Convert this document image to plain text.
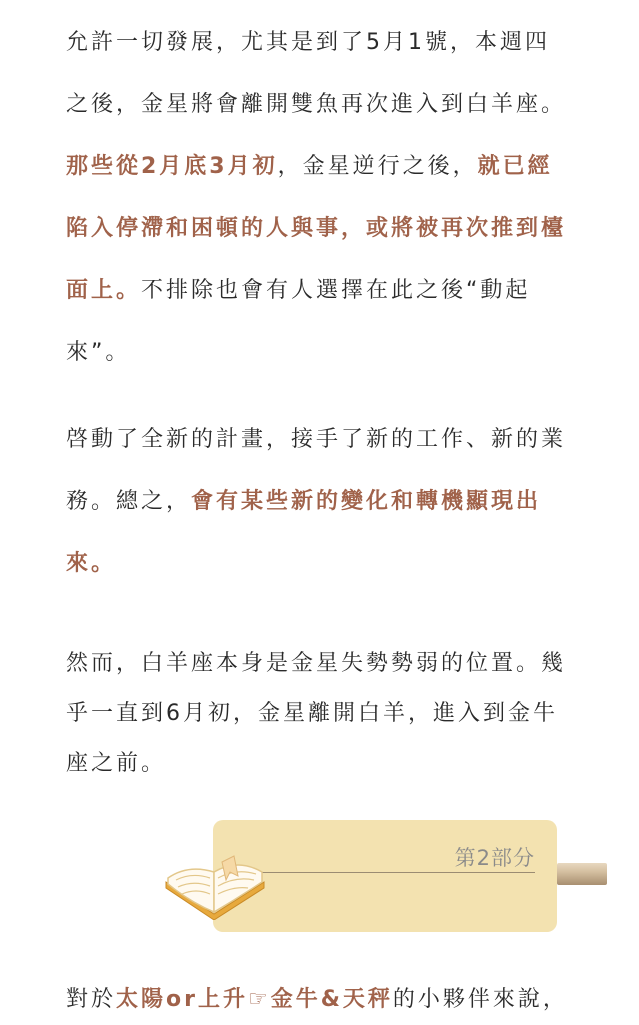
允許一切發展，尤其是到了5月1號，本週四
之後，金星將會離開雙魚再次進入到白羊座。
那些從2月底3月初，金星逆行之後，就已經
陷入停滯和困頓的人與事，或將被再次推到檯
面上。不排除也會有人選擇在此之後“動起
來”。

啓動了全新的計畫，接手了新的工作、新的業
務。總之，會有某些新的變化和轉機顯現出
來。

然而，白羊座本身是金星失勢勢弱的位置。幾
乎一直到6月初，金星離開白羊，進入到金牛
座之前。

對於太陽or上升☞金牛&天秤的小夥伴來說，

第2部分
